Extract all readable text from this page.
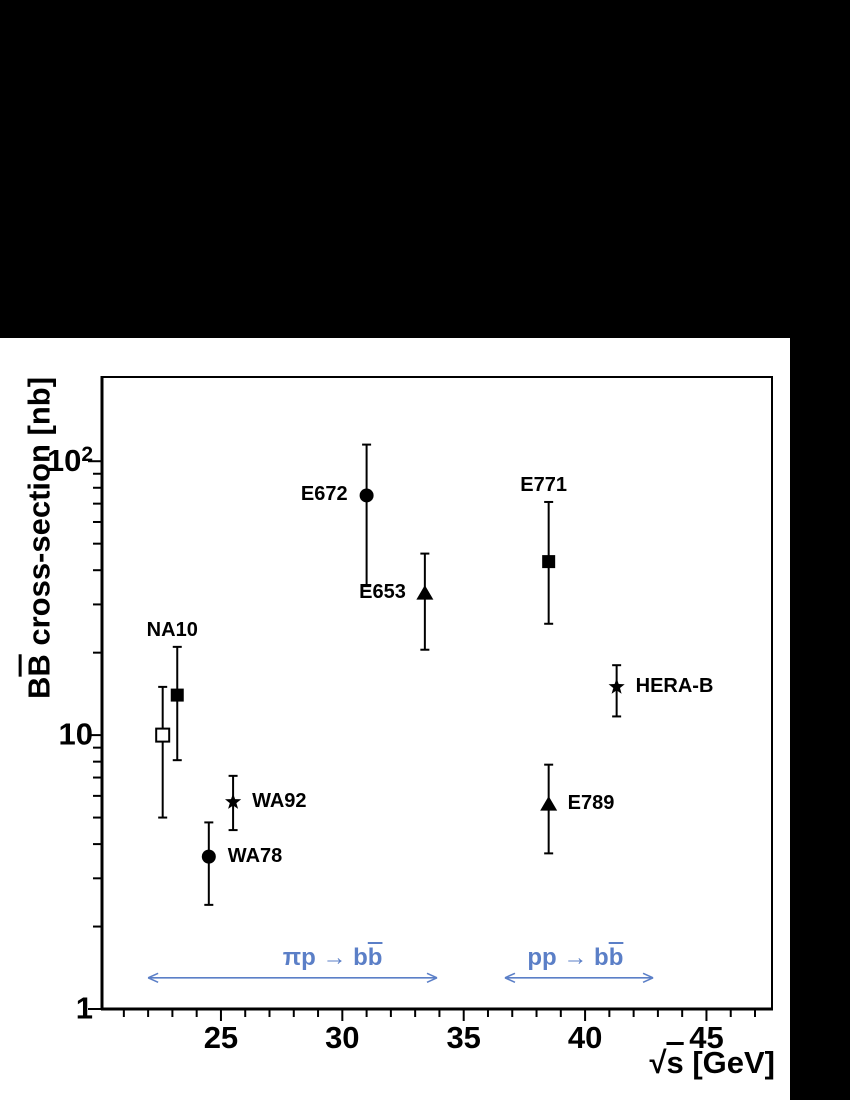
25	30	35	40	45
1
10
$10^2$
$B\overline{B}$ cross-section [nb]
√s [GeV]
NA10
WA78
WA92
E672
E653
E771
E789
HERA-B
$\pi p \to b\overline{b}$	pp → $b\overline{b}$
